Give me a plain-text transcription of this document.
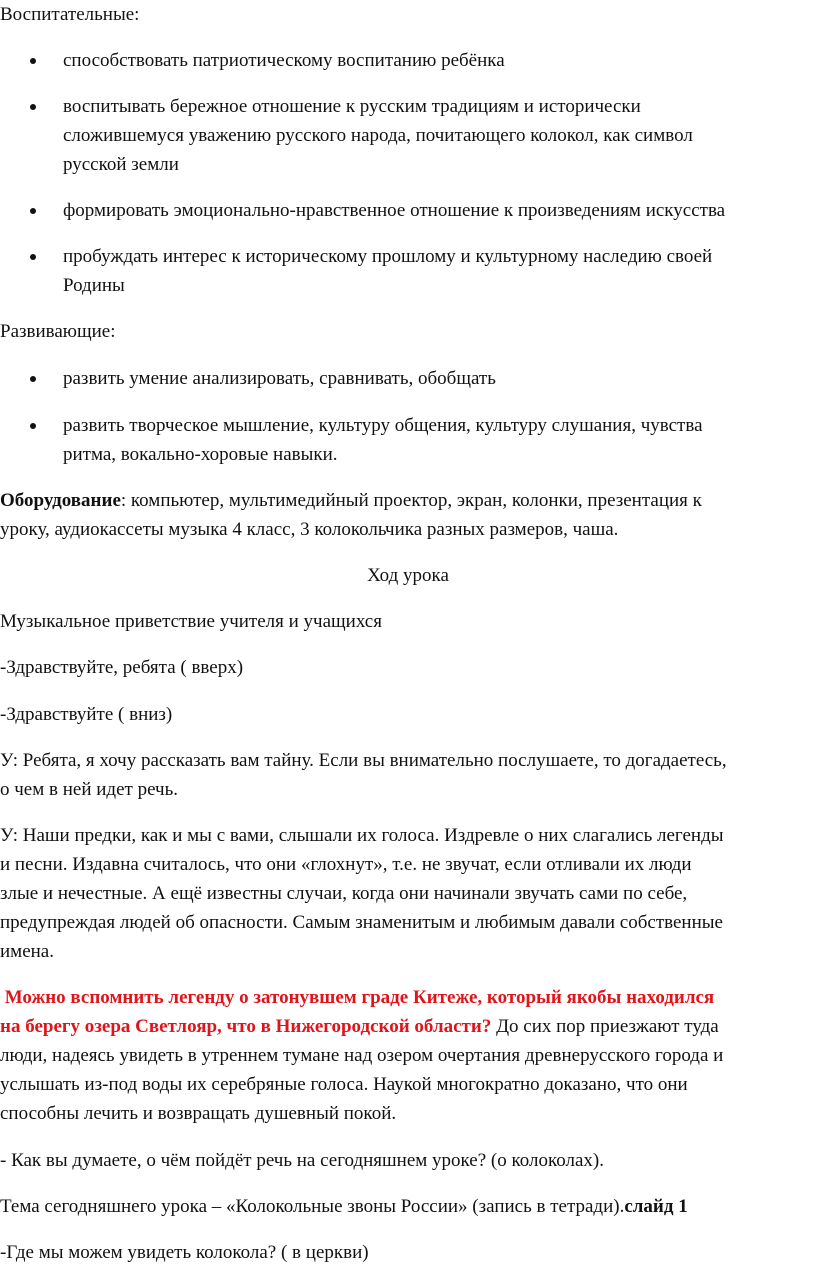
Воспитательные:
способствовать патриотическому воспитанию ребёнка
воспитывать бережное отношение к русским традициям и исторически
сложившемуся уважению русского народа, почитающего колокол, как символ
русской земли
формировать эмоционально-нравственное отношение к произведениям искусства
пробуждать интерес к историческому прошлому и культурному наследию своей
Родины
Развивающие:
развить умение анализировать, сравнивать, обобщать
развить творческое мышление, культуру общения, культуру слушания, чувства
ритма, вокально-хоровые навыки.
Оборудование: компьютер, мультимедийный проектор, экран, колонки, презентация к
уроку, аудиокассеты музыка 4 класс, 3 колокольчика разных размеров, чаша.
Ход урока
Музыкальное приветствие учителя и учащихся
-Здравствуйте, ребята ( вверх)
-Здравствуйте ( вниз)
У: Ребята, я хочу рассказать вам тайну. Если вы внимательно послушаете, то догадаетесь,
о чем в ней идет речь.
У: Наши предки, как и мы с вами, слышали их голоса. Издревле о них слагались легенды
и песни. Издавна считалось, что они «глохнут», т.е. не звучат, если отливали их люди
злые и нечестные. А ещё известны случаи, когда они начинали звучать сами по себе,
предупреждая людей об опасности. Самым знаменитым и любимым давали собственные
имена.
Можно вспомнить легенду о затонувшем граде Китеже, который якобы находился
на берегу озера Светлояр, что в Нижегородской области? До сих пор приезжают туда
люди, надеясь увидеть в утреннем тумане над озером очертания древнерусского города и
услышать из-под воды их серебряные голоса. Наукой многократно доказано, что они
способны лечить и возвращать душевный покой.
- Как вы думаете, о чём пойдёт речь на сегодняшнем уроке? (о колоколах).
Тема сегодняшнего урока – «Колокольные звоны России» (запись в тетради).слайд 1
-Где мы можем увидеть колокола? ( в церкви)
